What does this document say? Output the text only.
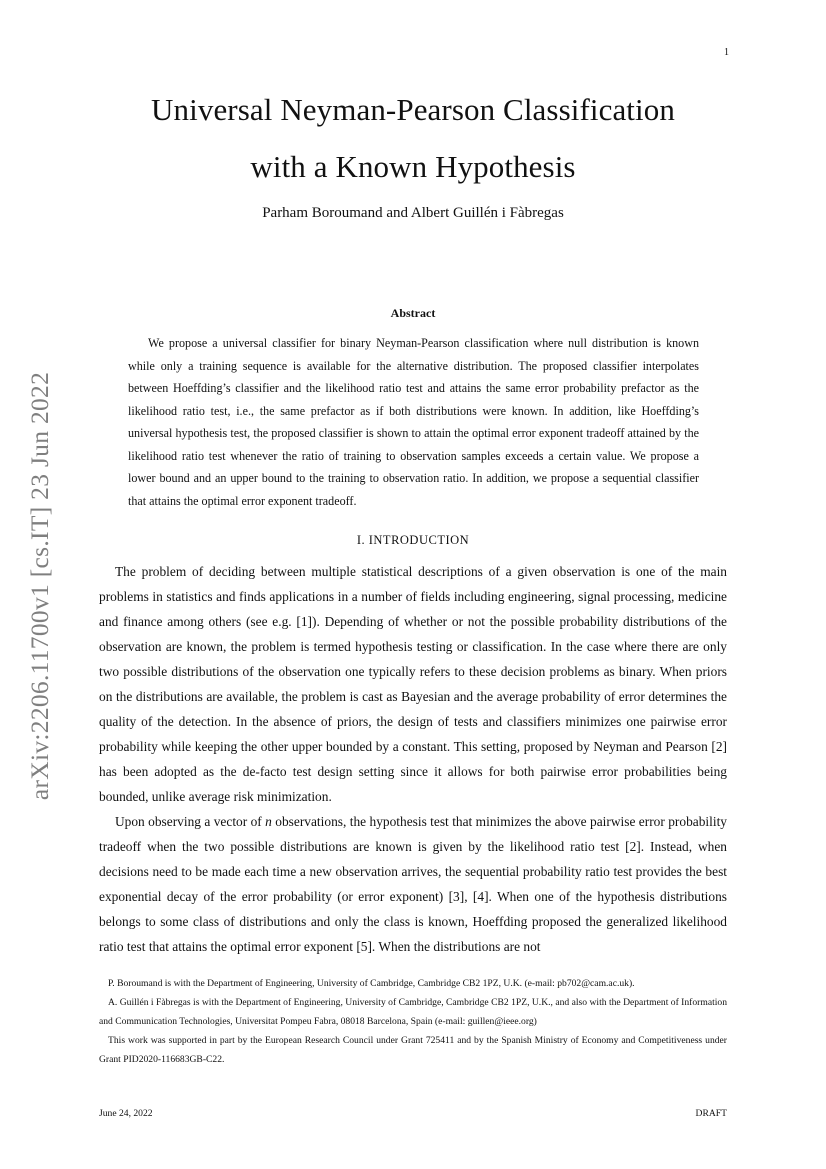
1
Universal Neyman-Pearson Classification
with a Known Hypothesis
Parham Boroumand and Albert Guillén i Fàbregas
arXiv:2206.11700v1 [cs.IT] 23 Jun 2022
Abstract

We propose a universal classifier for binary Neyman-Pearson classification where null distribution is known while only a training sequence is available for the alternative distribution. The proposed classifier interpolates between Hoeffding’s classifier and the likelihood ratio test and attains the same error probability prefactor as the likelihood ratio test, i.e., the same prefactor as if both distributions were known. In addition, like Hoeffding’s universal hypothesis test, the proposed classifier is shown to attain the optimal error exponent tradeoff attained by the likelihood ratio test whenever the ratio of training to observation samples exceeds a certain value. We propose a lower bound and an upper bound to the training to observation ratio. In addition, we propose a sequential classifier that attains the optimal error exponent tradeoff.

I. INTRODUCTION

The problem of deciding between multiple statistical descriptions of a given observation is one of the main problems in statistics and finds applications in a number of fields including engineering, signal processing, medicine and finance among others (see e.g. [1]). Depending of whether or not the possible probability distributions of the observation are known, the problem is termed hypothesis testing or classification. In the case where there are only two possible distributions of the observation one typically refers to these decision problems as binary. When priors on the distributions are available, the problem is cast as Bayesian and the average probability of error determines the quality of the detection. In the absence of priors, the design of tests and classifiers minimizes one pairwise error probability while keeping the other upper bounded by a constant. This setting, proposed by Neyman and Pearson [2] has been adopted as the de-facto test design setting since it allows for both pairwise error probabilities being bounded, unlike average risk minimization.

Upon observing a vector of n observations, the hypothesis test that minimizes the above pairwise error probability tradeoff when the two possible distributions are known is given by the likelihood ratio test [2]. Instead, when decisions need to be made each time a new observation arrives, the sequential probability ratio test provides the best exponential decay of the error probability (or error exponent) [3], [4]. When one of the hypothesis distributions belongs to some class of distributions and only the class is known, Hoeffding proposed the generalized likelihood ratio test that attains the optimal error exponent [5]. When the distributions are not

P. Boroumand is with the Department of Engineering, University of Cambridge, Cambridge CB2 1PZ, U.K. (e-mail: pb702@cam.ac.uk).

A. Guillén i Fàbregas is with the Department of Engineering, University of Cambridge, Cambridge CB2 1PZ, U.K., and also with the Department of Information and Communication Technologies, Universitat Pompeu Fabra, 08018 Barcelona, Spain (e-mail: guillen@ieee.org)

This work was supported in part by the European Research Council under Grant 725411 and by the Spanish Ministry of Economy and Competitiveness under Grant PID2020-116683GB-C22.

June 24, 2022	DRAFT
